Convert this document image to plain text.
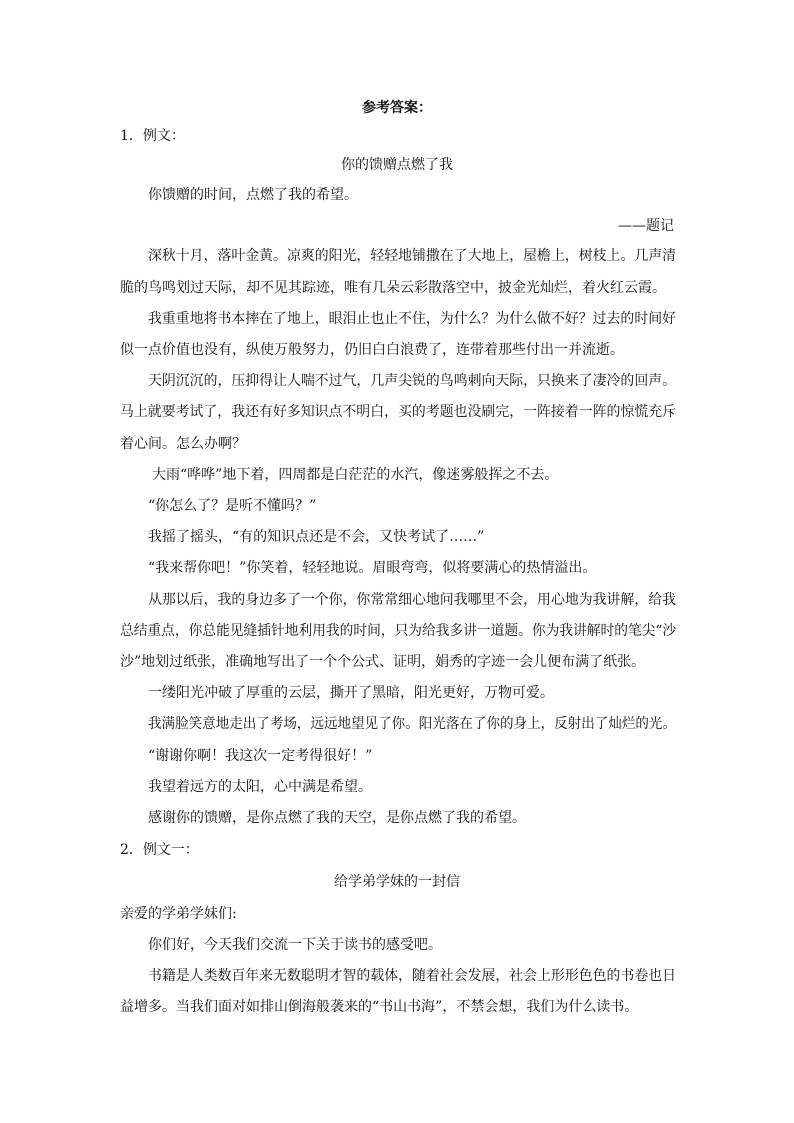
参考答案：
1．例文：
你的馈赠点燃了我
你馈赠的时间，点燃了我的希望。
——题记
深秋十月，落叶金黄。凉爽的阳光，轻轻地铺撒在了大地上，屋檐上，树枝上。几声清
脆的鸟鸣划过天际，却不见其踪迹，唯有几朵云彩散落空中，披金光灿烂，着火红云霞。
我重重地将书本摔在了地上，眼泪止也止不住，为什么？为什么做不好？过去的时间好
似一点价值也没有，纵使万般努力，仍旧白白浪费了，连带着那些付出一并流逝。
天阴沉沉的，压抑得让人喘不过气，几声尖锐的鸟鸣刺向天际，只换来了凄冷的回声。
马上就要考试了，我还有好多知识点不明白，买的考题也没刷完，一阵接着一阵的惊慌充斥
着心间。怎么办啊？
大雨“哗哗”地下着，四周都是白茫茫的水汽，像迷雾般挥之不去。
“你怎么了？是听不懂吗？”
我摇了摇头，“有的知识点还是不会，又快考试了……”
“我来帮你吧！”你笑着，轻轻地说。眉眼弯弯，似将要满心的热情溢出。
从那以后，我的身边多了一个你，你常常细心地问我哪里不会，用心地为我讲解，给我
总结重点，你总能见缝插针地利用我的时间，只为给我多讲一道题。你为我讲解时的笔尖“沙
沙”地划过纸张，准确地写出了一个个公式、证明，娟秀的字迹一会儿便布满了纸张。
一缕阳光冲破了厚重的云层，撕开了黑暗，阳光更好，万物可爱。
我满脸笑意地走出了考场，远远地望见了你。阳光落在了你的身上，反射出了灿烂的光。
“谢谢你啊！我这次一定考得很好！”
我望着远方的太阳，心中满是希望。
感谢你的馈赠，是你点燃了我的天空，是你点燃了我的希望。
2．例文一：
给学弟学妹的一封信
亲爱的学弟学妹们:
你们好，今天我们交流一下关于读书的感受吧。
书籍是人类数百年来无数聪明才智的载体，随着社会发展，社会上形形色色的书卷也日
益增多。当我们面对如排山倒海般袭来的“书山书海”，不禁会想，我们为什么读书。
